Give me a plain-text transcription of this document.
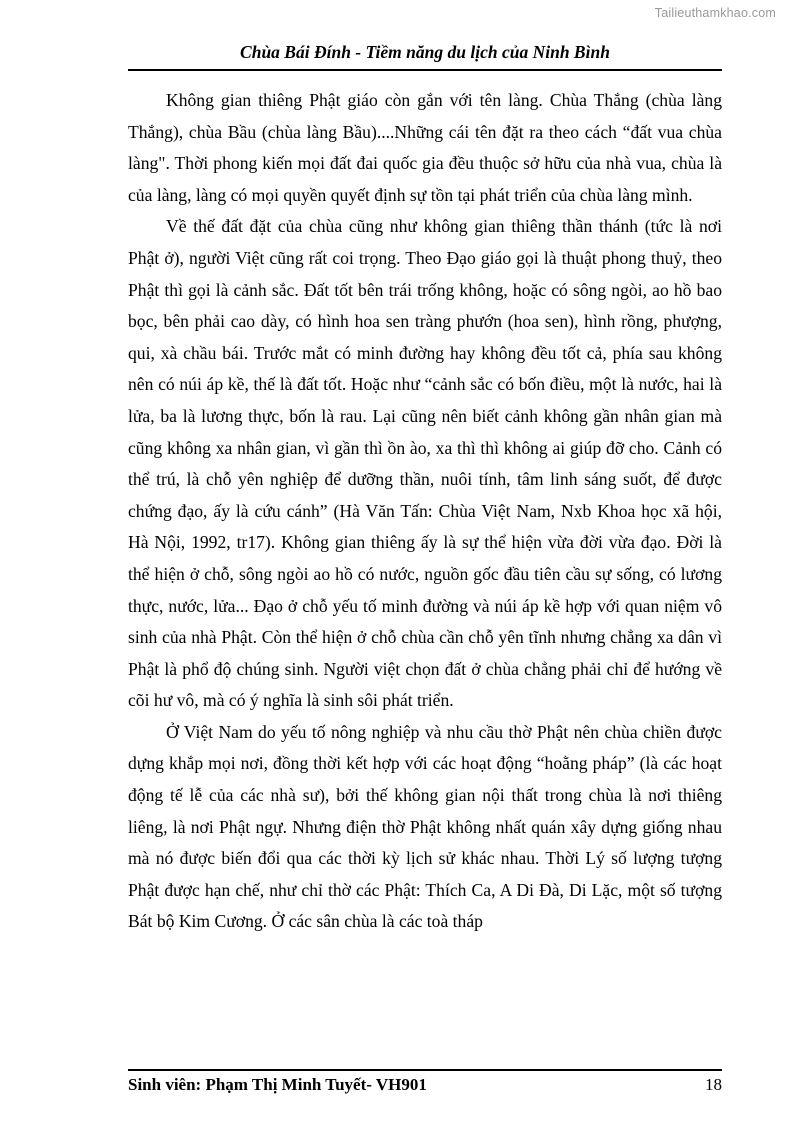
Tailieuthamkhao.com
Chùa Bái Đính - Tiềm năng du lịch của Ninh Bình

Không gian thiêng Phật giáo còn gắn với tên làng. Chùa Thắng (chùa làng Thắng), chùa Bầu (chùa làng Bầu)....Những cái tên đặt ra theo cách “đất vua chùa làng". Thời phong kiến mọi đất đai quốc gia đều thuộc sở hữu của nhà vua, chùa là của làng, làng có mọi quyền quyết định sự tồn tại phát triển của chùa làng mình.

Về thế đất đặt của chùa cũng như không gian thiêng thần thánh (tức là nơi Phật ở), người Việt cũng rất coi trọng. Theo Đạo giáo gọi là thuật phong thuỷ, theo Phật thì gọi là cảnh sắc. Đất tốt bên trái trống không, hoặc có sông ngòi, ao hồ bao bọc, bên phải cao dày, có hình hoa sen tràng phướn (hoa sen), hình rồng, phượng, qui, xà chầu bái. Trước mắt có minh đường hay không đều tốt cả, phía sau không nên có núi áp kề, thế là đất tốt. Hoặc như “cảnh sắc có bốn điều, một là nước, hai là lửa, ba là lương thực, bốn là rau. Lại cũng nên biết cảnh không gần nhân gian mà cũng không xa nhân gian, vì gần thì ồn ào, xa thì thì không ai giúp đỡ cho. Cảnh có thể trú, là chỗ yên nghiệp để dưỡng thần, nuôi tính, tâm linh sáng suốt, để được chứng đạo, ấy là cứu cánh” (Hà Văn Tấn: Chùa Việt Nam, Nxb Khoa học xã hội, Hà Nội, 1992, tr17). Không gian thiêng ấy là sự thể hiện vừa đời vừa đạo. Đời là thể hiện ở chỗ, sông ngòi ao hồ có nước, nguồn gốc đầu tiên cầu sự sống, có lương thực, nước, lửa... Đạo ở chỗ yếu tố minh đường và núi áp kề hợp với quan niệm vô sinh của nhà Phật. Còn thể hiện ở chỗ chùa cần chỗ yên tĩnh nhưng chẳng xa dân vì Phật là phổ độ chúng sinh. Người việt chọn đất ở chùa chẳng phải chỉ để hướng về cõi hư vô, mà có ý nghĩa là sinh sôi phát triển.

Ở Việt Nam do yếu tố nông nghiệp và nhu cầu thờ Phật nên chùa chiền được dựng khắp mọi nơi, đồng thời kết hợp với các hoạt động “hoằng pháp” (là các hoạt động tế lễ của các nhà sư), bởi thế không gian nội thất trong chùa là nơi thiêng liêng, là nơi Phật ngự. Nhưng điện thờ Phật không nhất quán xây dựng giống nhau mà nó được biến đổi qua các thời kỳ lịch sử khác nhau. Thời Lý số lượng tượng Phật được hạn chế, như chỉ thờ các Phật: Thích Ca, A Di Đà, Di Lặc, một số tượng Bát bộ Kim Cương. Ở các sân chùa là các toà tháp

Sinh viên: Phạm Thị Minh Tuyết- VH901	18
